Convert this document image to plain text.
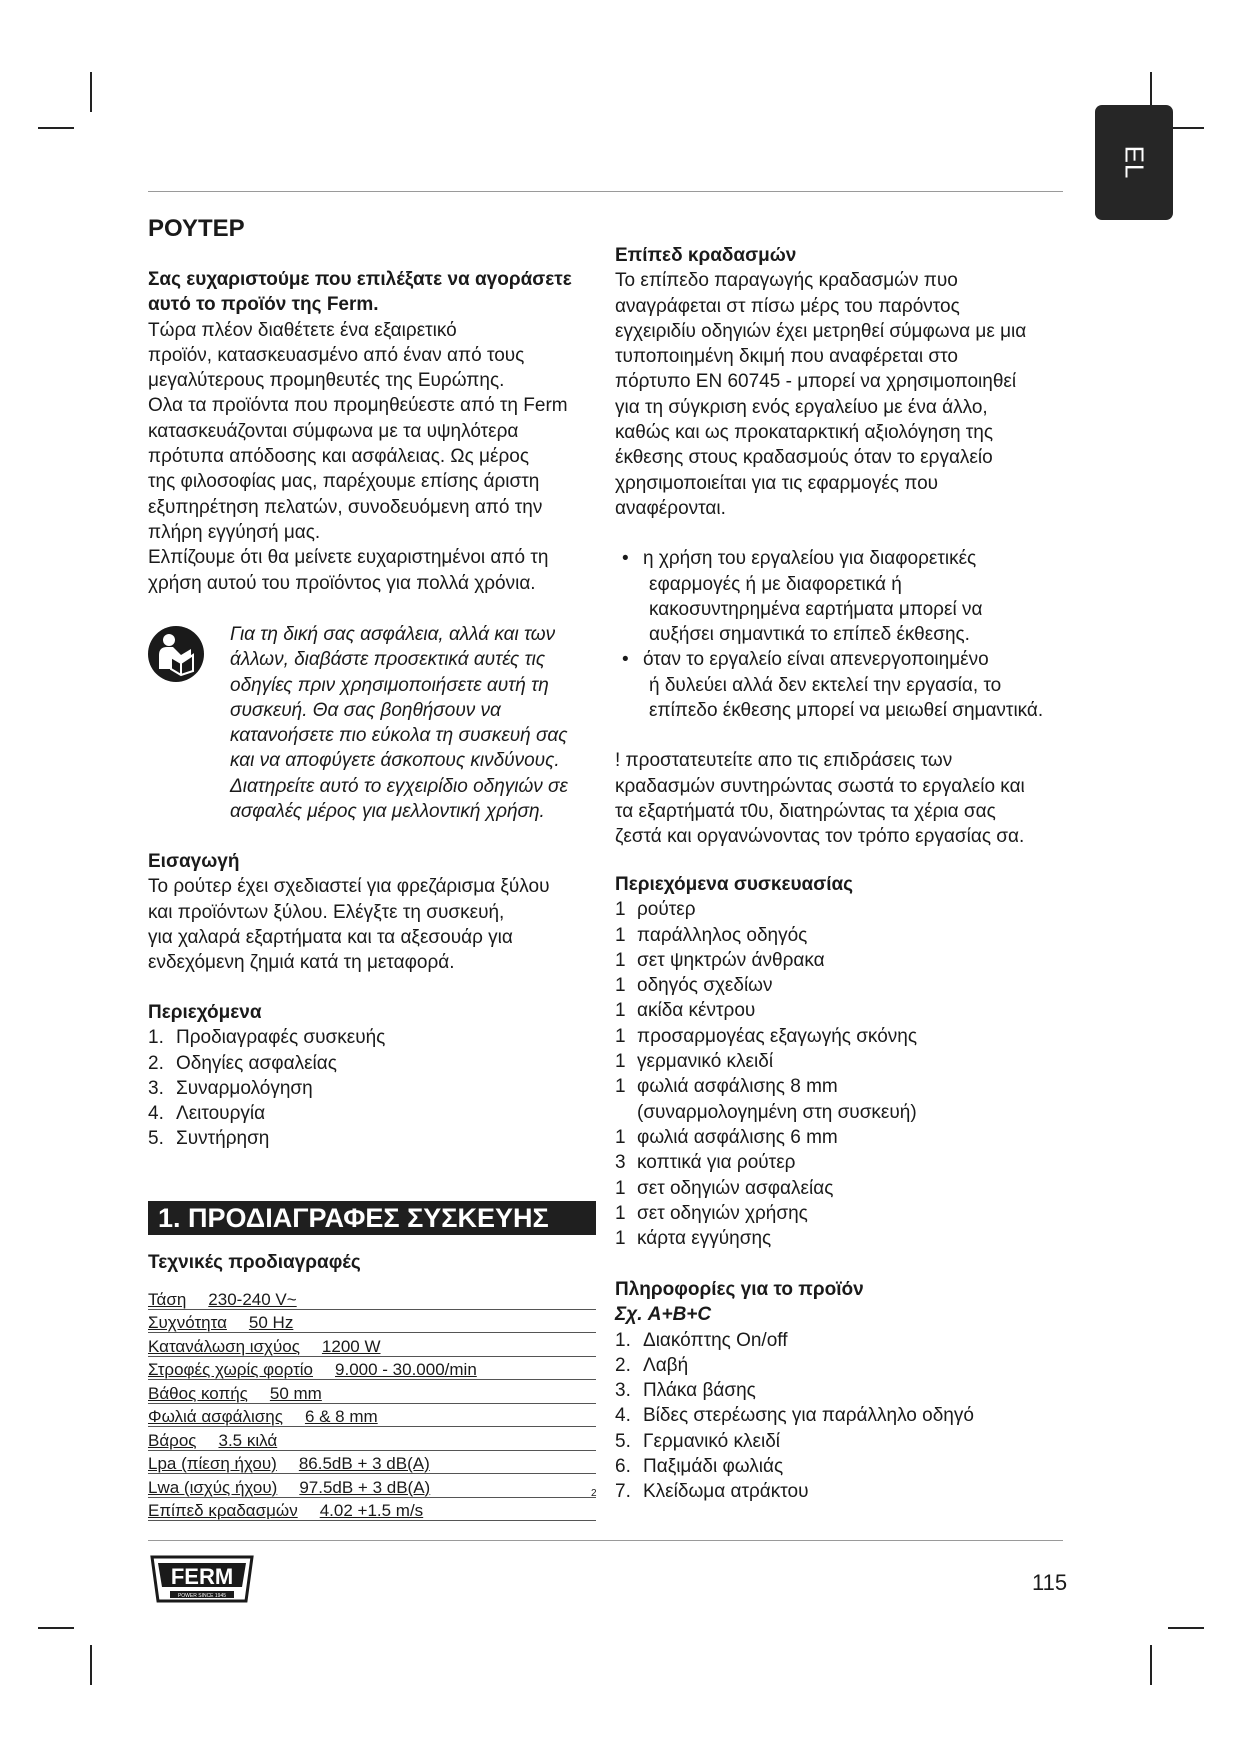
EL
ΡΟΥΤΕΡ

Σας ευχαριστούμε που επιλέξατε να αγοράσετε αυτό το προϊόν της Ferm.

Τώρα πλέον διαθέτετε ένα εξαιρετικό

προϊόν, κατασκευασμένο από έναν από τους

μεγαλύτερους προμηθευτές της Ευρώπης.

Ολα τα προϊόντα που προμηθεύεστε από τη Ferm

κατασκευάζονται σύμφωνα με τα υψηλότερα

πρότυπα απόδοσης και ασφάλειας. Ως μέρος

της φιλοσοφίας μας, παρέχουμε επίσης άριστη

εξυπηρέτηση πελατών, συνοδευόμενη από την

πλήρη εγγύησή μας.

Ελπίζουμε ότι θα μείνετε ευχαριστημένοι από τη

χρήση αυτού του προϊόντος για πολλά χρόνια.

Για τη δική σας ασφάλεια, αλλά και των

άλλων, διαβάστε προσεκτικά αυτές τις

οδηγίες πριν χρησιμοποιήσετε αυτή τη

συσκευή. Θα σας βοηθήσουν να

κατανοήσετε πιο εύκολα τη συσκευή σας

και να αποφύγετε άσκοπους κινδύνους.

Διατηρείτε αυτό το εγχειρίδιο οδηγιών σε

ασφαλές μέρος για μελλοντική χρήση.

Εισαγωγή

Το ρούτερ έχει σχεδιαστεί για φρεζάρισμα ξύλου

και προϊόντων ξύλου. Ελέγξτε τη συσκευή,

για χαλαρά εξαρτήματα και τα αξεσουάρ για

ενδεχόμενη ζημιά κατά τη μεταφορά.

Περιεχόμενα

1. Προδιαγραφές συσκευής
2. Οδηγίες ασφαλείας
3. Συναρμολόγηση
4. Λειτουργία
5. Συντήρηση
1. ΠΡΟΔΙΑΓΡΑΦΕΣ ΣΥΣΚΕΥΗΣ
Τεχνικές προδιαγραφές
Τάση 230-240 V~
Συχνότητα 50 Hz
Κατανάλωση ισχύος 1200 W
Στροφές χωρίς φορτίο 9.000 - 30.000/min
Βάθος κοπής 50 mm
Φωλιά ασφάλισης 6 & 8 mm
Βάρος 3.5 κιλά
Lpa (πίεση ήχου) 86.5dB + 3 dB(A)
Lwa (ισχύς ήχου) 97.5dB + 3 dB(A)
Επίπεδ κραδασμών 4.02 +1.5 m/s
2

Επίπεδ κραδασμών

Το επίπεδο παραγωγής κραδασμών πυο

αναγράφεται στ πίσω μέρς του παρόντος

εγχειριδίυ οδηγιών έχει μετρηθεί σύμφωνα με μια

τυποποιημένη δκιμή που αναφέρεται στο

πόρτυπο EN 60745 - μπορεί να χρησιμοποιηθεί

για τη σύγκριση ενός εργαλείυο με ένα άλλο,

καθώς και ως προκαταρκτική αξιολόγηση της

έκθεσης στους κραδασμούς όταν το εργαλείο

χρησιμοποιείται για τις εφαρμογές που

αναφέρονται.

• η χρήση του εργαλείου για διαφορετικές
εφαρμογές ή με διαφορετικά ή
κακοσυντηρημένα εαρτήματα μπορεί να
αυξήσει σημαντικά το επίπεδ έκθεσης.
• όταν το εργαλείο είναι απενεργοποιημένο
ή δυλεύει αλλά δεν εκτελεί την εργασία, το
επίπεδο έκθεσης μπορεί να μειωθεί σημαντικά.

! προστατευτείτε απο τις επιδράσεις των

κραδασμών συντηρώντας σωστά το εργαλείο και

τα εξαρτήματά τ0υ, διατηρώντας τα χέρια σας

ζεστά και οργανώνοντας τον τρόπο εργασίας σα.

Περιεχόμενα συσκευασίας

1 ρούτερ
1 παράλληλος οδηγός
1 σετ ψηκτρών άνθρακα
1 οδηγός σχεδίων
1 ακίδα κέντρου
1 προσαρμογέας εξαγωγής σκόνης
1 γερμανικό κλειδί
1 φωλιά ασφάλισης 8 mm
(συναρμολογημένη στη συσκευή)
1 φωλιά ασφάλισης 6 mm
3 κοπτικά για ρούτερ
1 σετ οδηγιών ασφαλείας
1 σετ οδηγιών χρήσης
1 κάρτα εγγύησης

Πληροφορίες για το προϊόν

Σχ. A+B+C

1. Διακόπτης On/off
2. Λαβή
3. Πλάκα βάσης
4. Βίδες στερέωσης για παράλληλο οδηγό
5. Γερμανικό κλειδί
6. Παξιμάδι φωλιάς
7. Κλείδωμα ατράκτου
FERM
POWER SINCE 1945
115
